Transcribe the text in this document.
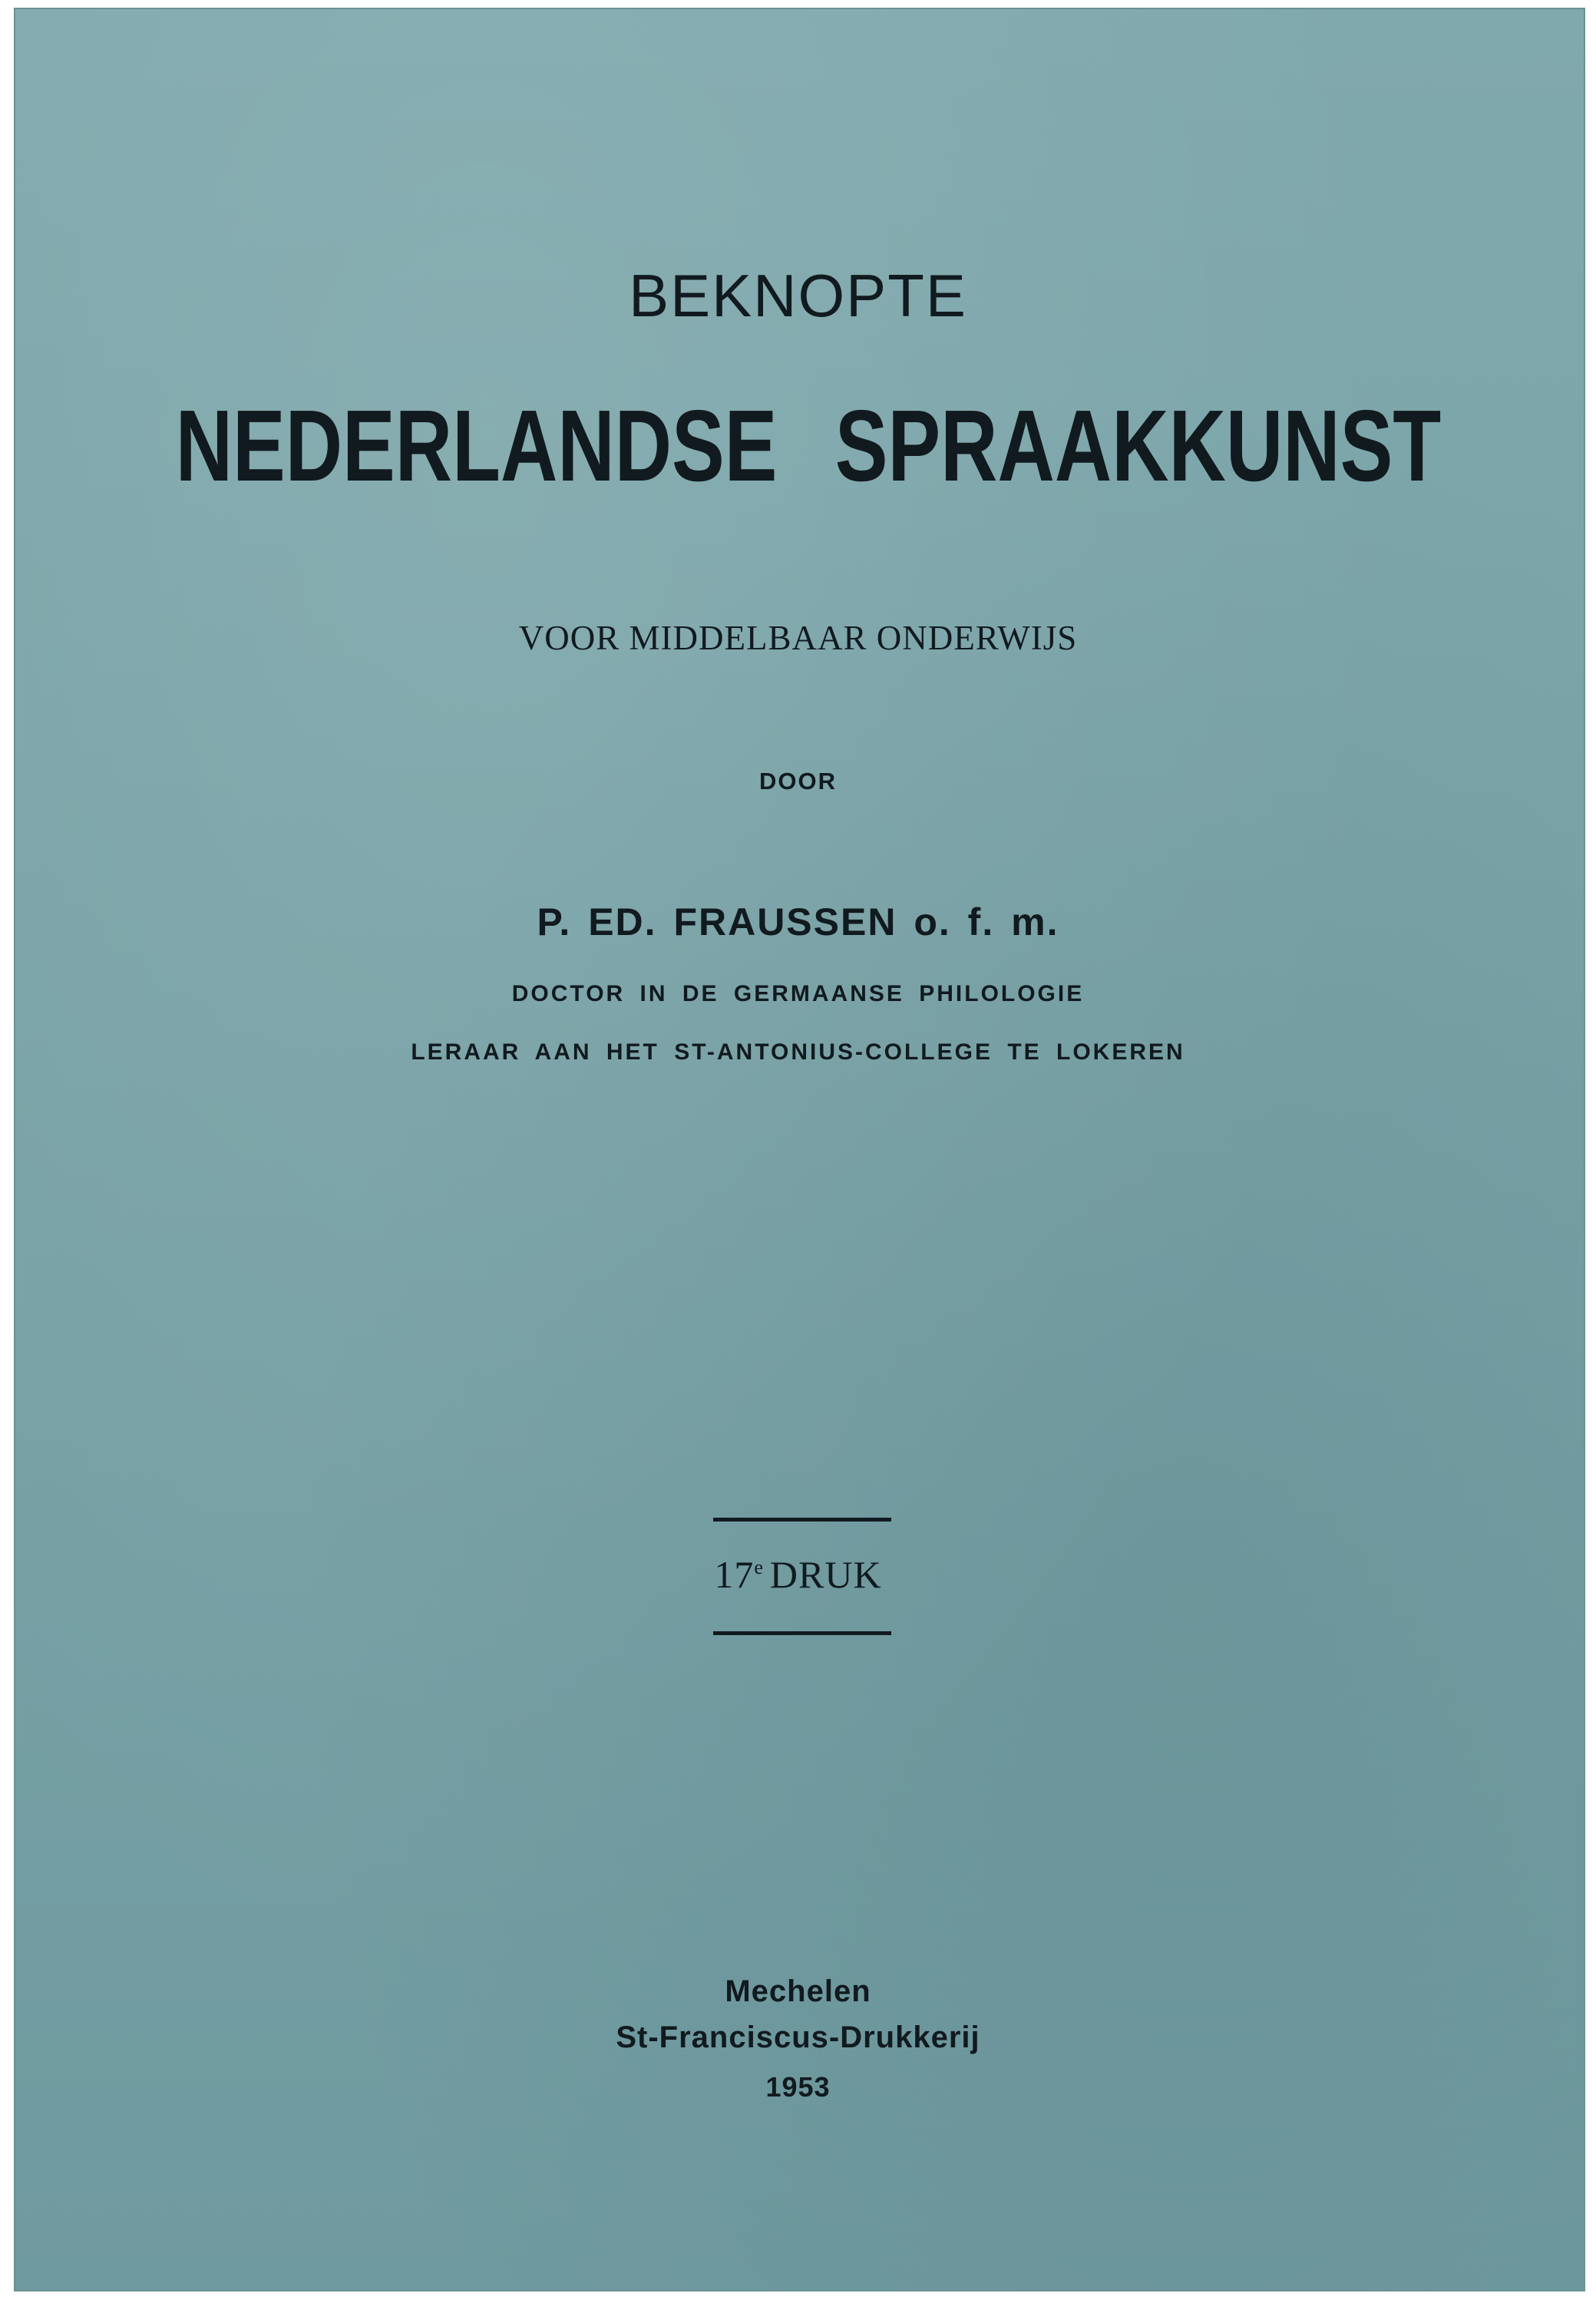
BEKNOPTE
NEDERLANDSE SPRAAKKUNST
VOOR MIDDELBAAR ONDERWIJS
DOOR
P. ED. FRAUSSEN o. f. m.
DOCTOR IN DE GERMAANSE PHILOLOGIE
LERAAR AAN HET ST-ANTONIUS-COLLEGE TE LOKEREN
17e DRUK
Mechelen
St-Franciscus-Drukkerij
1953
